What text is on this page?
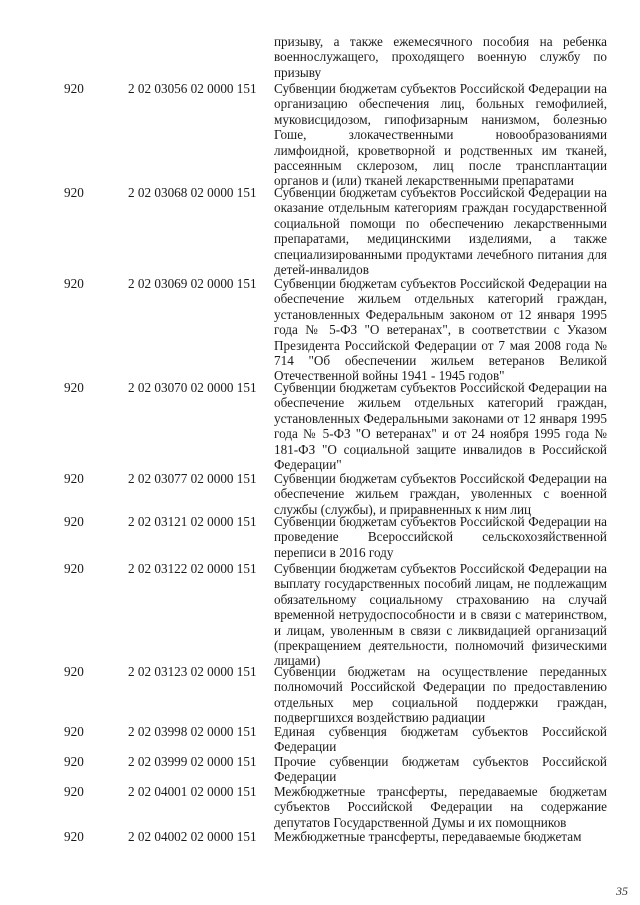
призыву, а также ежемесячного пособия на ребенка военнослужащего, проходящего военную службу по призыву
920	2 02 03056 02 0000 151	Субвенции бюджетам субъектов Российской Федерации на организацию обеспечения лиц, больных гемофилией, муковисцидозом, гипофизарным нанизмом, болезнью Гоше, злокачественными новообразованиями лимфоидной, кроветворной и родственных им тканей, рассеянным склерозом, лиц после трансплантации органов и (или) тканей лекарственными препаратами
920	2 02 03068 02 0000 151	Субвенции бюджетам субъектов Российской Федерации на оказание отдельным категориям граждан государственной социальной помощи по обеспечению лекарственными препаратами, медицинскими изделиями, а также специализированными продуктами лечебного питания для детей-инвалидов
920	2 02 03069 02 0000 151	Субвенции бюджетам субъектов Российской Федерации на обеспечение жильем отдельных категорий граждан, установленных Федеральным законом от 12 января 1995 года № 5-ФЗ "О ветеранах", в соответствии с Указом Президента Российской Федерации от 7 мая 2008 года № 714 "Об обеспечении жильем ветеранов Великой Отечественной войны 1941 - 1945 годов"
920	2 02 03070 02 0000 151	Субвенции бюджетам субъектов Российской Федерации на обеспечение жильем отдельных категорий граждан, установленных Федеральными законами от 12 января 1995 года № 5-ФЗ "О ветеранах" и от 24 ноября 1995 года № 181-ФЗ "О социальной защите инвалидов в Российской Федерации"
920	2 02 03077 02 0000 151	Субвенции бюджетам субъектов Российской Федерации на обеспечение жильем граждан, уволенных с военной службы (службы), и приравненных к ним лиц
920	2 02 03121 02 0000 151	Субвенции бюджетам субъектов Российской Федерации на проведение Всероссийской сельскохозяйственной переписи в 2016 году
920	2 02 03122 02 0000 151	Субвенции бюджетам субъектов Российской Федерации на выплату государственных пособий лицам, не подлежащим обязательному социальному страхованию на случай временной нетрудоспособности и в связи с материнством, и лицам, уволенным в связи с ликвидацией организаций (прекращением деятельности, полномочий физическими лицами)
920	2 02 03123 02 0000 151	Субвенции бюджетам на осуществление переданных полномочий Российской Федерации по предоставлению отдельных мер социальной поддержки граждан, подвергшихся воздействию радиации
920	2 02 03998 02 0000 151	Единая субвенция бюджетам субъектов Российской Федерации
920	2 02 03999 02 0000 151	Прочие субвенции бюджетам субъектов Российской Федерации
920	2 02 04001 02 0000 151	Межбюджетные трансферты, передаваемые бюджетам субъектов Российской Федерации на содержание депутатов Государственной Думы и их помощников
920	2 02 04002 02 0000 151	Межбюджетные трансферты, передаваемые бюджетам
35
